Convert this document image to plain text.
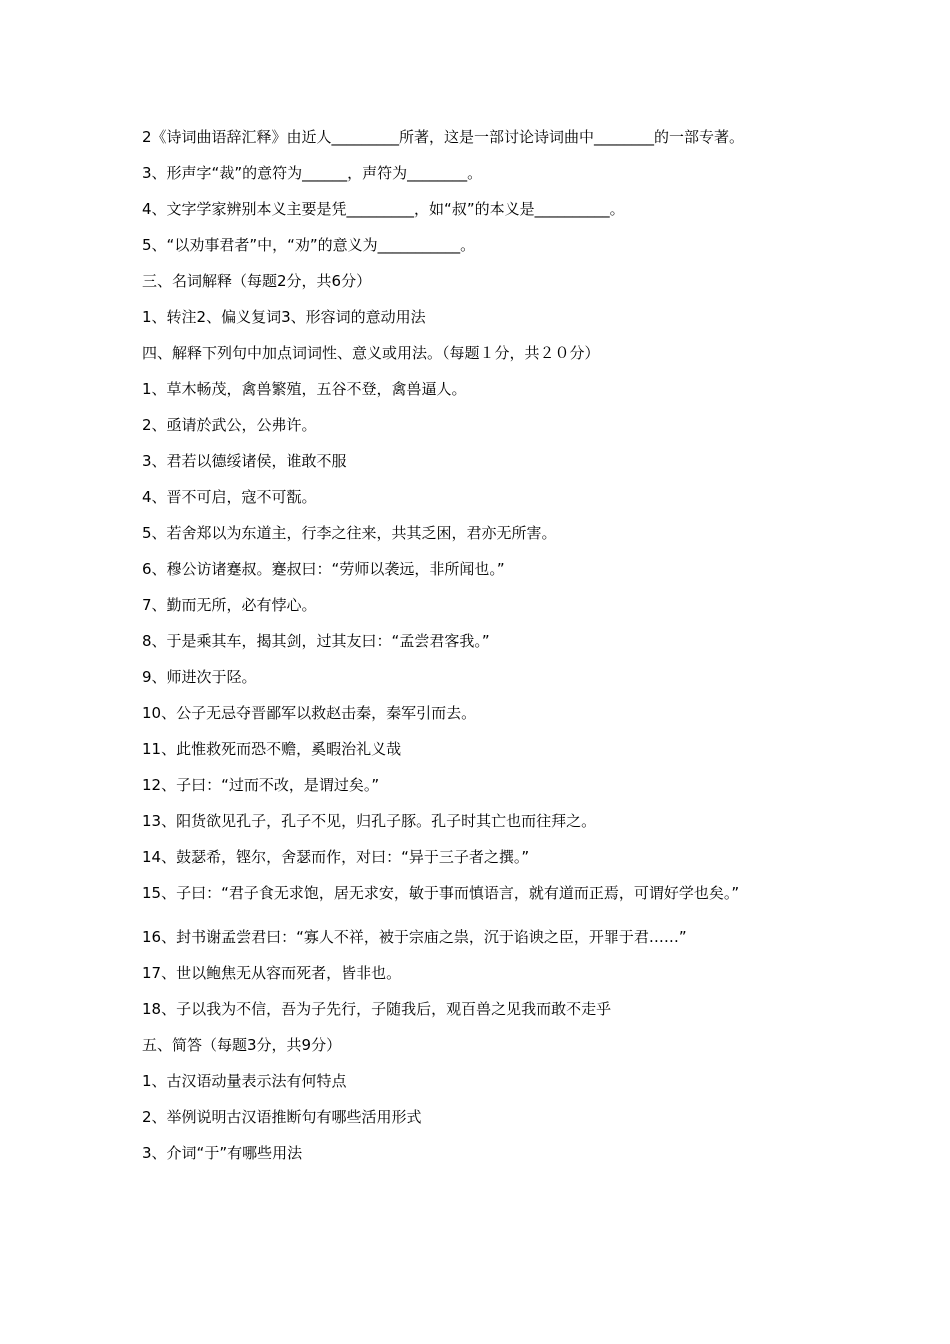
2《诗词曲语辞汇释》由近人_________所著，这是一部讨论诗词曲中________的一部专著。
3、形声字“裁”的意符为______，声符为________。
4、文字学家辨别本义主要是凭_________，如“叔”的本义是__________。
5、“以劝事君者”中，“劝”的意义为___________。
三、名词解释（每题2分，共6分）
1、转注2、偏义复词3、形容词的意动用法
四、解释下列句中加点词词性、意义或用法。（每题１分，共２０分）
1、草木畅茂，禽兽繁殖，五谷不登，禽兽逼人。
2、亟请於武公，公弗许。
3、君若以德绥诸侯，谁敢不服
4、晋不可启，寇不可翫。
5、若舍郑以为东道主，行李之往来，共其乏困，君亦无所害。
6、穆公访诸蹇叔。蹇叔曰：“劳师以袭远，非所闻也。”
7、勤而无所，必有悖心。
8、于是乘其车，揭其剑，过其友曰：“孟尝君客我。”
9、师进次于陉。
10、公子无忌夺晋鄙军以救赵击秦，秦军引而去。
11、此惟救死而恐不赡，奚暇治礼义哉
12、子曰：“过而不改，是谓过矣。”
13、阳货欲见孔子，孔子不见，归孔子豚。孔子时其亡也而往拜之。
14、鼓瑟希，铿尔，舍瑟而作，对曰：“异于三子者之撰。”
15、子曰：“君子食无求饱，居无求安，敏于事而慎语言，就有道而正焉，可谓好学也矣。”
16、封书谢孟尝君曰：“寡人不祥，被于宗庙之祟，沉于谄谀之臣，开罪于君……”
17、世以鲍焦无从容而死者，皆非也。
18、子以我为不信，吾为子先行，子随我后，观百兽之见我而敢不走乎
五、简答（每题3分，共9分）
1、古汉语动量表示法有何特点
2、举例说明古汉语推断句有哪些活用形式
3、介词“于”有哪些用法
